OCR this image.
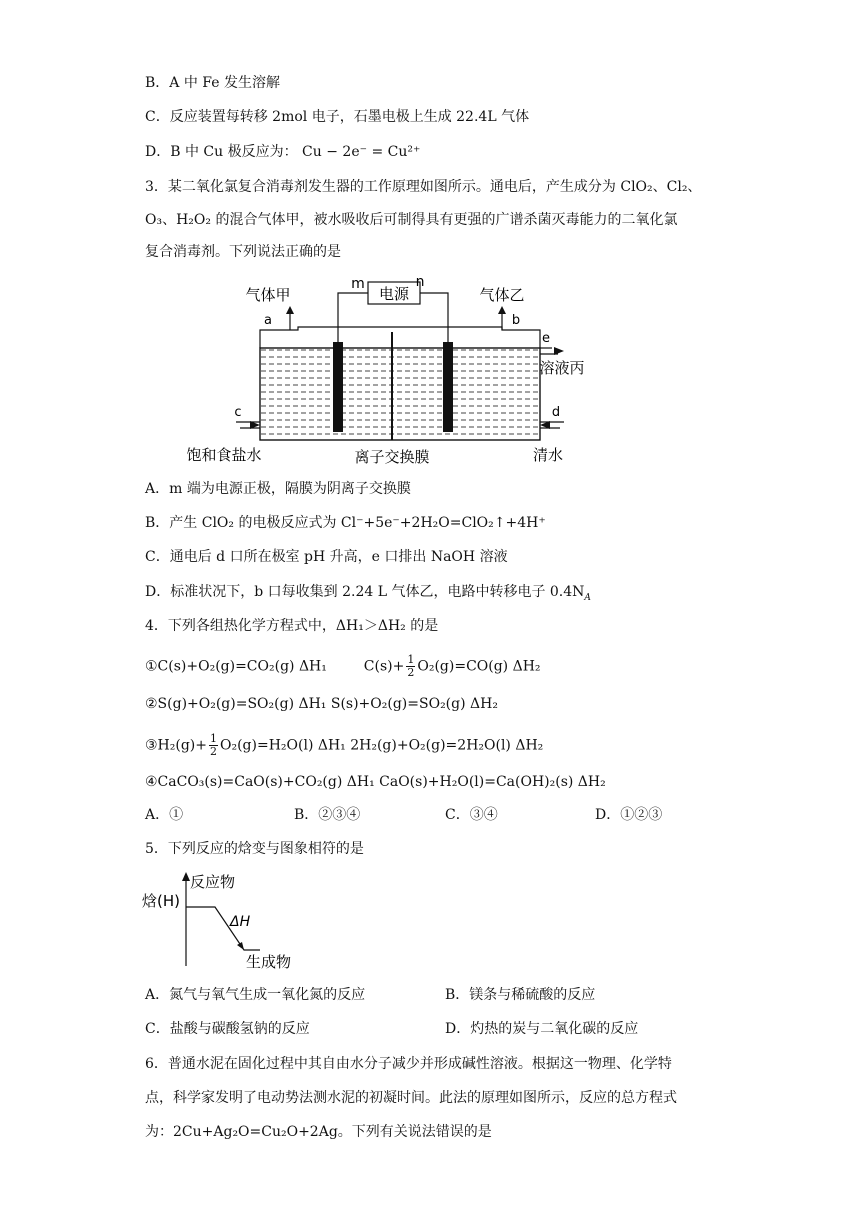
B．A 中 Fe 发生溶解
C．反应装置每转移 2mol 电子，石墨电极上生成 22.4L 气体
D．B 中 Cu 极反应为： Cu − 2e⁻ = Cu²⁺
3．某二氧化氯复合消毒剂发生器的工作原理如图所示。通电后，产生成分为 ClO₂、Cl₂、
O₃、H₂O₂ 的混合气体甲，被水吸收后可制得具有更强的广谱杀菌灭毒能力的二氧化氯
复合消毒剂。下列说法正确的是
电源
m	n
气体甲	气体乙
a	b
e
溶液丙
c	d
饱和食盐水	离子交换膜	清水
A．m 端为电源正极，隔膜为阴离子交换膜
B．产生 ClO₂ 的电极反应式为 Cl⁻+5e⁻+2H₂O=ClO₂↑+4H⁺
C．通电后 d 口所在极室 pH 升高，e 口排出 NaOH 溶液
D．标准状况下，b 口每收集到 2.24 L 气体乙，电路中转移电子 $0.4N_A$
4．下列各组热化学方程式中，ΔH₁＞ΔH₂ 的是
①C(s)+O₂(g)=CO₂(g) ΔH₁	$C(s)+ \frac{1}{2} O_2(g)=CO(g)$ ΔH₂
②S(g)+O₂(g)=SO₂(g) ΔH₁ S(s)+O₂(g)=SO₂(g) ΔH₂
③H₂(g)+ $\frac{1}{2} O_2(g)=H_2O(l)$ ΔH₁ 2H₂(g)+O₂(g)=2H₂O(l) ΔH₂
④CaCO₃(s)=CaO(s)+CO₂(g) ΔH₁ CaO(s)+H₂O(l)=Ca(OH)₂(s) ΔH₂
A．①	B．②③④	C．③④	D．①②③
5．下列反应的焓变与图象相符的是
焓(H)
反应物
ΔH
生成物
A．氮气与氧气生成一氧化氮的反应	B．镁条与稀硫酸的反应
C．盐酸与碳酸氢钠的反应	D．灼热的炭与二氧化碳的反应
6．普通水泥在固化过程中其自由水分子减少并形成碱性溶液。根据这一物理、化学特
点，科学家发明了电动势法测水泥的初凝时间。此法的原理如图所示，反应的总方程式
为：2Cu+Ag₂O=Cu₂O+2Ag。下列有关说法错误的是
